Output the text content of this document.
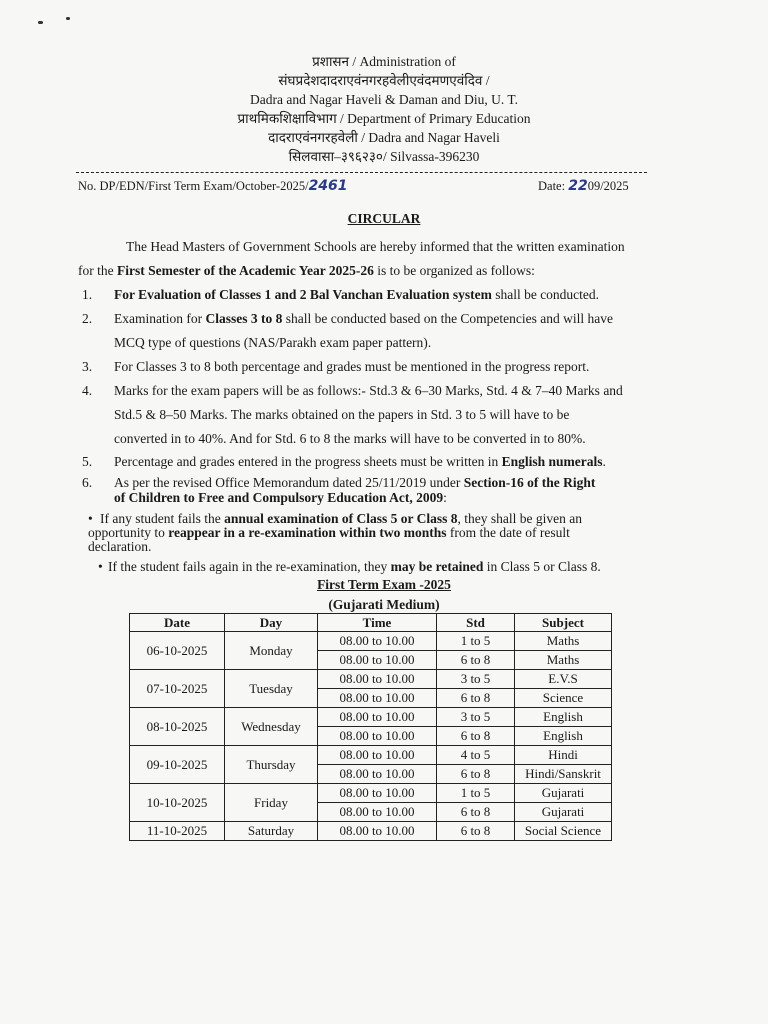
प्रशासन / Administration of
संघप्रदेशदादराएवंनगरहवेलीएवंदमणएवंदिव /
Dadra and Nagar Haveli & Daman and Diu, U. T.
प्राथमिकशिक्षाविभाग / Department of Primary Education
दादराएवंनगरहवेली / Dadra and Nagar Haveli
सिलवासा–३९६२३०/ Silvassa-396230
No. DP/EDN/First Term Exam/October-2025/2461	Date: 2209/2025
CIRCULAR
The Head Masters of Government Schools are hereby informed that the written examination
for the First Semester of the Academic Year 2025-26 is to be organized as follows:
1.	For Evaluation of Classes 1 and 2 Bal Vanchan Evaluation system shall be conducted.
2.	Examination for Classes 3 to 8 shall be conducted based on the Competencies and will have
MCQ type of questions (NAS/Parakh exam paper pattern).
3.	For Classes 3 to 8 both percentage and grades must be mentioned in the progress report.
4.	Marks for the exam papers will be as follows:- Std.3 & 6–30 Marks, Std. 4 & 7–40 Marks and
Std.5 & 8–50 Marks. The marks obtained on the papers in Std. 3 to 5 will have to be
converted in to 40%. And for Std. 6 to 8 the marks will have to be converted in to 80%.
5.	Percentage and grades entered in the progress sheets must be written in English numerals.
6.	As per the revised Office Memorandum dated 25/11/2019 under Section-16 of the Right
of Children to Free and Compulsory Education Act, 2009:
• If any student fails the annual examination of Class 5 or Class 8, they shall be given an
opportunity to reappear in a re-examination within two months from the date of result
declaration.
• If the student fails again in the re-examination, they may be retained in Class 5 or Class 8.
First Term Exam -2025
(Gujarati Medium)
Date	Day	Time	Std	Subject
06-10-2025	Monday	08.00 to 10.00	1 to 5	Maths
		08.00 to 10.00	6 to 8	Maths
07-10-2025	Tuesday	08.00 to 10.00	3 to 5	E.V.S
		08.00 to 10.00	6 to 8	Science
08-10-2025	Wednesday	08.00 to 10.00	3 to 5	English
		08.00 to 10.00	6 to 8	English
09-10-2025	Thursday	08.00 to 10.00	4 to 5	Hindi
		08.00 to 10.00	6 to 8	Hindi/Sanskrit
10-10-2025	Friday	08.00 to 10.00	1 to 5	Gujarati
		08.00 to 10.00	6 to 8	Gujarati
11-10-2025	Saturday	08.00 to 10.00	6 to 8	Social Science
